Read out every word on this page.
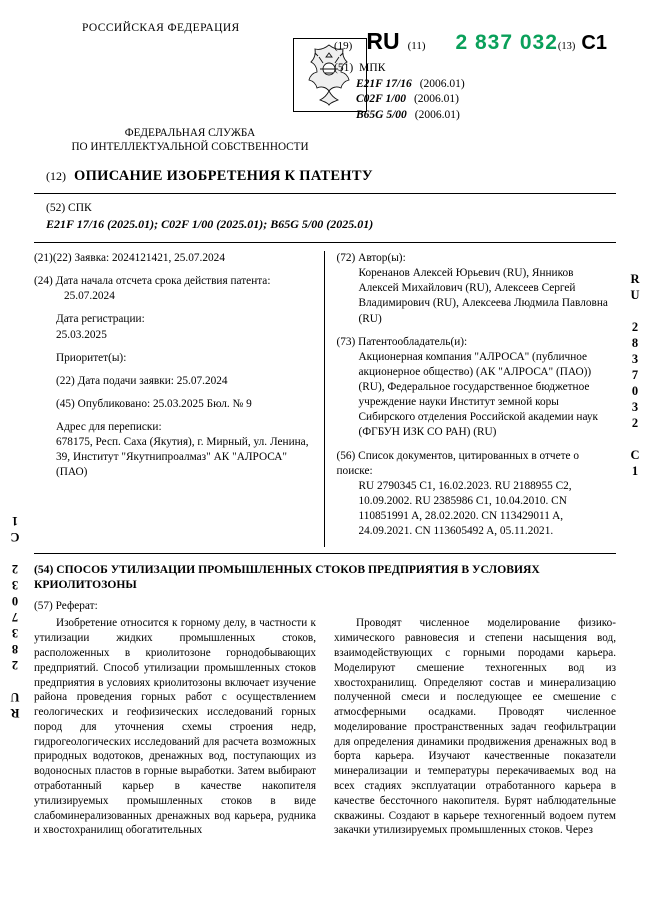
RU 2837032 C1
RU 2837032 C1
РОССИЙСКАЯ ФЕДЕРАЦИЯ
ФЕДЕРАЛЬНАЯ СЛУЖБА
ПО ИНТЕЛЛЕКТУАЛЬНОЙ СОБСТВЕННОСТИ
(19) RU (11) 2 837 032 (13) C1
(51) МПК
E21F 17/16 (2006.01)
C02F 1/00 (2006.01)
B65G 5/00 (2006.01)
(12) ОПИСАНИЕ ИЗОБРЕТЕНИЯ К ПАТЕНТУ
(52) СПК
E21F 17/16 (2025.01); C02F 1/00 (2025.01); B65G 5/00 (2025.01)
(21)(22) Заявка: 2024121421, 25.07.2024
(24) Дата начала отсчета срока действия патента:
25.07.2024
Дата регистрации:
25.03.2025
Приоритет(ы):
(22) Дата подачи заявки: 25.07.2024
(45) Опубликовано: 25.03.2025 Бюл. № 9
Адрес для переписки:
678175, Респ. Саха (Якутия), г. Мирный, ул. Ленина, 39, Институт "Якутнипроалмаз" АК "АЛРОСА" (ПАО)
(72) Автор(ы):
Коренанов Алексей Юрьевич (RU), Янников Алексей Михайлович (RU), Алексеев Сергей Владимирович (RU), Алексеева Людмила Павловна (RU)
(73) Патентообладатель(и):
Акционерная компания "АЛРОСА" (публичное акционерное общество) (АК "АЛРОСА" (ПАО)) (RU), Федеральное государственное бюджетное учреждение науки Институт земной коры Сибирского отделения Российской академии наук (ФГБУН ИЗК СО РАН) (RU)
(56) Список документов, цитированных в отчете о поиске:
RU 2790345 C1, 16.02.2023. RU 2188955 C2, 10.09.2002. RU 2385986 C1, 10.04.2010. CN 110851991 A, 28.02.2020. CN 113429011 A, 24.09.2021. CN 113605492 A, 05.11.2021.
(54) СПОСОБ УТИЛИЗАЦИИ ПРОМЫШЛЕННЫХ СТОКОВ ПРЕДПРИЯТИЯ В УСЛОВИЯХ КРИОЛИТОЗОНЫ
(57) Реферат:

Изобретение относится к горному делу, в частности к утилизации жидких промышленных стоков, расположенных в криолитозоне горнодобывающих предприятий. Способ утилизации промышленных стоков предприятия в условиях криолитозоны включает изучение района проведения горных работ с осуществлением геологических и геофизических исследований горных пород для уточнения схемы строения недр, гидрогеологических исследований для расчета возможных природных водотоков, дренажных вод, поступающих из водоносных пластов в горные выработки. Затем выбирают отработанный карьер в качестве накопителя утилизируемых промышленных стоков в виде слабоминерализованных дренажных вод карьера, рудника и хвостохранилищ обогатительных

Проводят численное моделирование физико-химического равновесия и степени насыщения вод, взаимодействующих с горными породами карьера. Моделируют смешение техногенных вод из хвостохранилищ. Определяют состав и минерализацию полученной смеси и последующее ее смешение с атмосферными осадками. Проводят численное моделирование пространственных задач геофильтрации для определения динамики продвижения дренажных вод в борта карьера. Изучают качественные показатели минерализации и температуры перекачиваемых вод на всех стадиях эксплуатации отработанного карьера в качестве бессточного накопителя. Бурят наблюдательные скважины. Создают в карьере техногенный водоем путем закачки утилизируемых промышленных стоков. Через
